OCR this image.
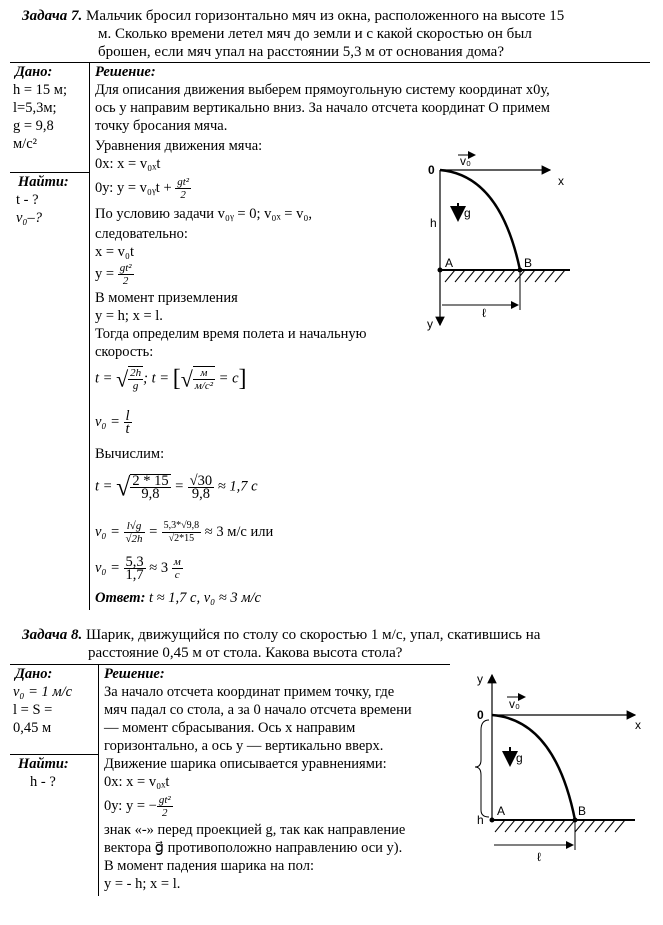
Задача 7. Мальчик бросил горизонтально мяч из окна, расположенного на высоте 15
м. Сколько времени летел мяч до земли и с какой скоростью он был
брошен, если мяч упал на расстоянии 5,3 м от основания дома?
Дано:
h = 15 м;
l=5,3м;
g = 9,8
м/с²
Найти:
t - ?
v₀–?
Решение:
Для описания движения выберем прямоугольную систему координат х0у,
ось у направим вертикально вниз. За начало отсчета координат О примем
точку бросания мяча.
Уравнения движения мяча:
0х: x = v₀ₓt
0у: y = v₀ᵧt + $\frac{\text{gt²}}{2}$
По условию задачи v₀ᵧ = 0; v₀ₓ = v₀,
следовательно:
x = v₀t
$y = \frac{\text{gt²}}{2}$
В момент приземления
y = h; x = l.
Тогда определим время полета и начальную
скорость:
t = √ $\frac{2h}{g}$ ; t = [√ $\frac{м}{\text{м/с²}} = c$]
$v_0 = \frac{l}{t}$
Вычислим:
t = √ $\frac{2 * 15}{9,8} = \frac{√30}{9,8} \approx 1,7$ с
$v_0 = \frac{l√g}{√2h} = \frac{5,3*√9,8}{√2*15} \approx 3$ м/с или
$v_0 = \frac{5,3}{1,7} \approx 3 \frac{м}{с}$
Ответ: t ≈ 1,7 с, v₀ ≈ 3 м/с
0
v₀
x
h
g
A	B
ℓ
y
Задача 8. Шарик, движущийся по столу со скоростью 1 м/с, упал, скатившись на
расстояние 0,45 м от стола. Какова высота стола?
Дано:
v₀ = 1 м/с
l = S =
0,45 м
Найти:
h - ?
Решение:
За начало отсчета координат примем точку, где
мяч падал со стола, а за 0 начало отсчета времени
— момент сбрасывания. Ось х направим
горизонтально, а ось у — вертикально вверх.
Движение шарика описывается уравнениями:
0х: x = v₀ₓt
0у: y = − $\frac{\text{gt²}}{2}$
знак «-» перед проекцией g, так как направление
вектора g⃗ противоположно направлению оси у).
В момент падения шарика на пол:
y = - h; x = l.
y
0
v₀
x
g
A
h
B
ℓ
